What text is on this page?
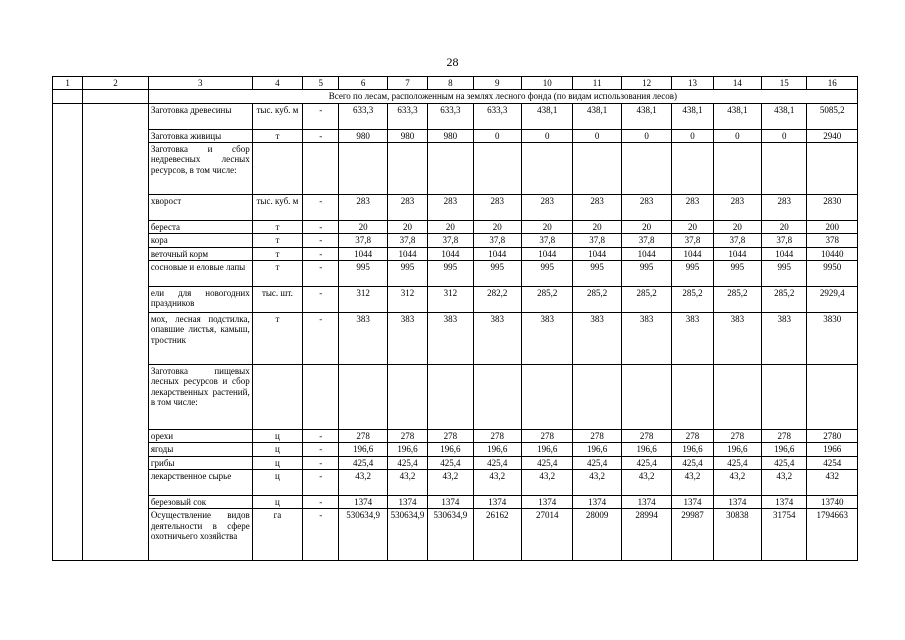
28
1	2	3	4	5	6	7	8	9	10	11	12	13	14	15	16
		Всего по лесам, расположенным на землях лесного фонда (по видам использования лесов)													
		Заготовка древесины	тыс. куб. м	-	633,3	633,3	633,3	633,3	438,1	438,1	438,1	438,1	438,1	438,1	5085,2
		Заготовка живицы	т	-	980	980	980	0	0	0	0	0	0	0	2940
		Заготовка и сбор недревесных лесных ресурсов, в том числе:													
		хворост	тыс. куб. м	-	283	283	283	283	283	283	283	283	283	283	2830
		береста	т	-	20	20	20	20	20	20	20	20	20	20	200
		кора	т	-	37,8	37,8	37,8	37,8	37,8	37,8	37,8	37,8	37,8	37,8	378
		веточный корм	т	-	1044	1044	1044	1044	1044	1044	1044	1044	1044	1044	10440
		сосновые и еловые лапы	т	-	995	995	995	995	995	995	995	995	995	995	9950
		ели для новогодних праздников	тыс. шт.	-	312	312	312	282,2	285,2	285,2	285,2	285,2	285,2	285,2	2929,4
		мох, лесная подстилка, опавшие листья, камыш, тростник	т	-	383	383	383	383	383	383	383	383	383	383	3830
		Заготовка пищевых лесных ресурсов и сбор лекарственных растений, в том числе:													
		орехи	ц	-	278	278	278	278	278	278	278	278	278	278	2780
		ягоды	ц	-	196,6	196,6	196,6	196,6	196,6	196,6	196,6	196,6	196,6	196,6	1966
		грибы	ц	-	425,4	425,4	425,4	425,4	425,4	425,4	425,4	425,4	425,4	425,4	4254
		лекарственное сырье	ц	-	43,2	43,2	43,2	43,2	43,2	43,2	43,2	43,2	43,2	43,2	432
		березовый сок	ц	-	1374	1374	1374	1374	1374	1374	1374	1374	1374	1374	13740
		Осуществление видов деятельности в сфере охотничьего хозяйства	га	-	530634,9	530634,9	530634,9	26162	27014	28009	28994	29987	30838	31754	1794663
